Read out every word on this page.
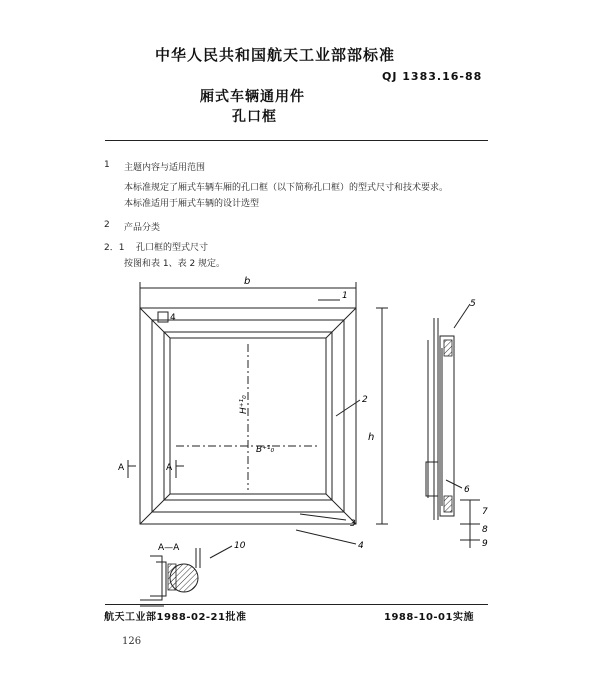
中华人民共和国航天工业部部标准
QJ 1383.16-88
厢式车辆通用件
孔口框
1 主题内容与适用范围
本标准规定了厢式车辆车厢的孔口框（以下简称孔口框）的型式尺寸和技术要求。
本标准适用于厢式车辆的设计选型
2 产品分类
2．1 孔口框的型式尺寸
按图和表 1、表 2 规定。
b
h
H⁺¹₀
B⁺¹₀
4
A	A
A—A
1
2
3
4
5
6
7
8
9
10
航天工业部1988-02-21批准	1988-10-01实施
126
